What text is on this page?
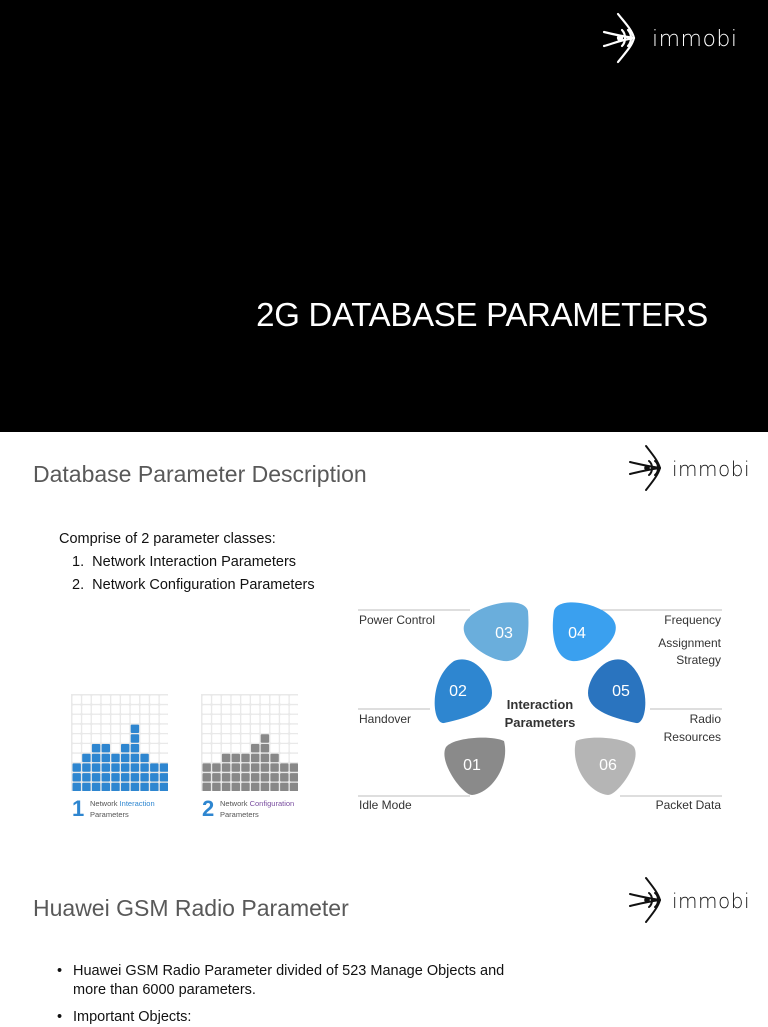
immobi
2G DATABASE PARAMETERS
Database Parameter Description	immobi
Comprise of 2 parameter classes:
1.  Network Interaction Parameters
2.  Network Configuration Parameters
1 Network Interaction
Parameters	2 Network Configuration
Parameters
03	04
02	05
01	06
Interaction
Parameters
Power Control
Handover
Idle Mode
Frequency
Assignment
Strategy
Radio
Resources
Packet Data
Huawei GSM Radio Parameter	immobi
• Huawei GSM Radio Parameter divided of 523 Manage Objects and
more than 6000 parameters.
• Important Objects:
